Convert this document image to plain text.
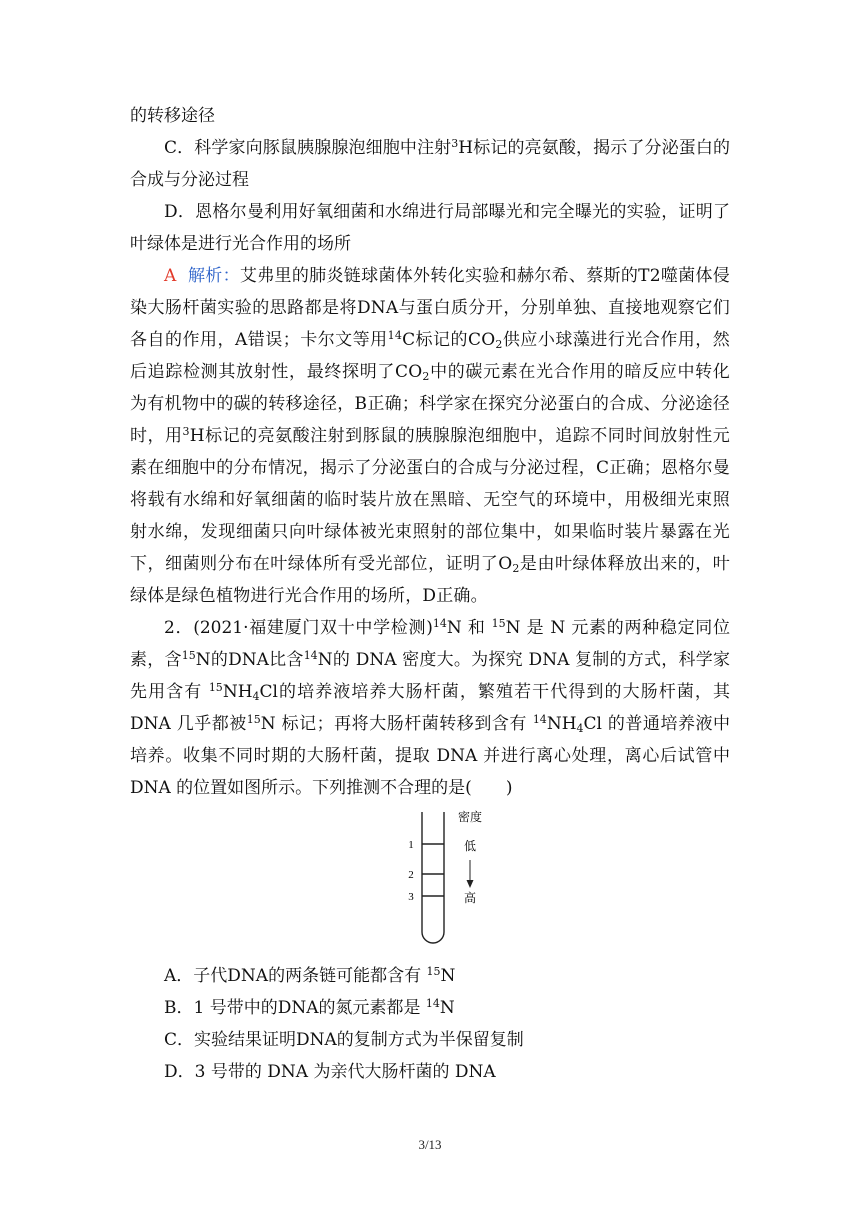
的转移途径

C．科学家向豚鼠胰腺腺泡细胞中注射$^3$H标记的亮氨酸，揭示了分泌蛋白的合成与分泌过程

D．恩格尔曼利用好氧细菌和水绵进行局部曝光和完全曝光的实验，证明了叶绿体是进行光合作用的场所

A 解析：艾弗里的肺炎链球菌体外转化实验和赫尔希、蔡斯的T2噬菌体侵染大肠杆菌实验的思路都是将DNA与蛋白质分开，分别单独、直接地观察它们各自的作用，A错误；卡尔文等用$^{14}$C标记的$CO_2$供应小球藻进行光合作用，然后追踪检测其放射性，最终探明了$CO_2$中的碳元素在光合作用的暗反应中转化为有机物中的碳的转移途径，B正确；科学家在探究分泌蛋白的合成、分泌途径时，用$^3$H标记的亮氨酸注射到豚鼠的胰腺腺泡细胞中，追踪不同时间放射性元素在细胞中的分布情况，揭示了分泌蛋白的合成与分泌过程，C正确；恩格尔曼将载有水绵和好氧细菌的临时装片放在黑暗、无空气的环境中，用极细光束照射水绵，发现细菌只向叶绿体被光束照射的部位集中，如果临时装片暴露在光下，细菌则分布在叶绿体所有受光部位，证明了$O_2$是由叶绿体释放出来的，叶绿体是绿色植物进行光合作用的场所，D正确。

2．(2021·福建厦门双十中学检测)$^{14}$N 和 $^{15}$N 是 N 元素的两种稳定同位素，含$^{15}$N的DNA比含$^{14}$N的 DNA 密度大。为探究 DNA 复制的方式，科学家先用含有 $^{15}NH_4Cl$的培养液培养大肠杆菌，繁殖若干代得到的大肠杆菌，其DNA 几乎都被$^{15}$N 标记；再将大肠杆菌转移到含有 $^{14}NH_4Cl$ 的普通培养液中培养。收集不同时期的大肠杆菌，提取 DNA 并进行离心处理，离心后试管中DNA 的位置如图所示。下列推测不合理的是(　　)

1
2
3
密度
低
高

A．子代DNA的两条链可能都含有 $^{15}$N

B．1 号带中的DNA的氮元素都是 $^{14}$N

C．实验结果证明DNA的复制方式为半保留复制

D．3 号带的 DNA 为亲代大肠杆菌的 DNA

3/13
